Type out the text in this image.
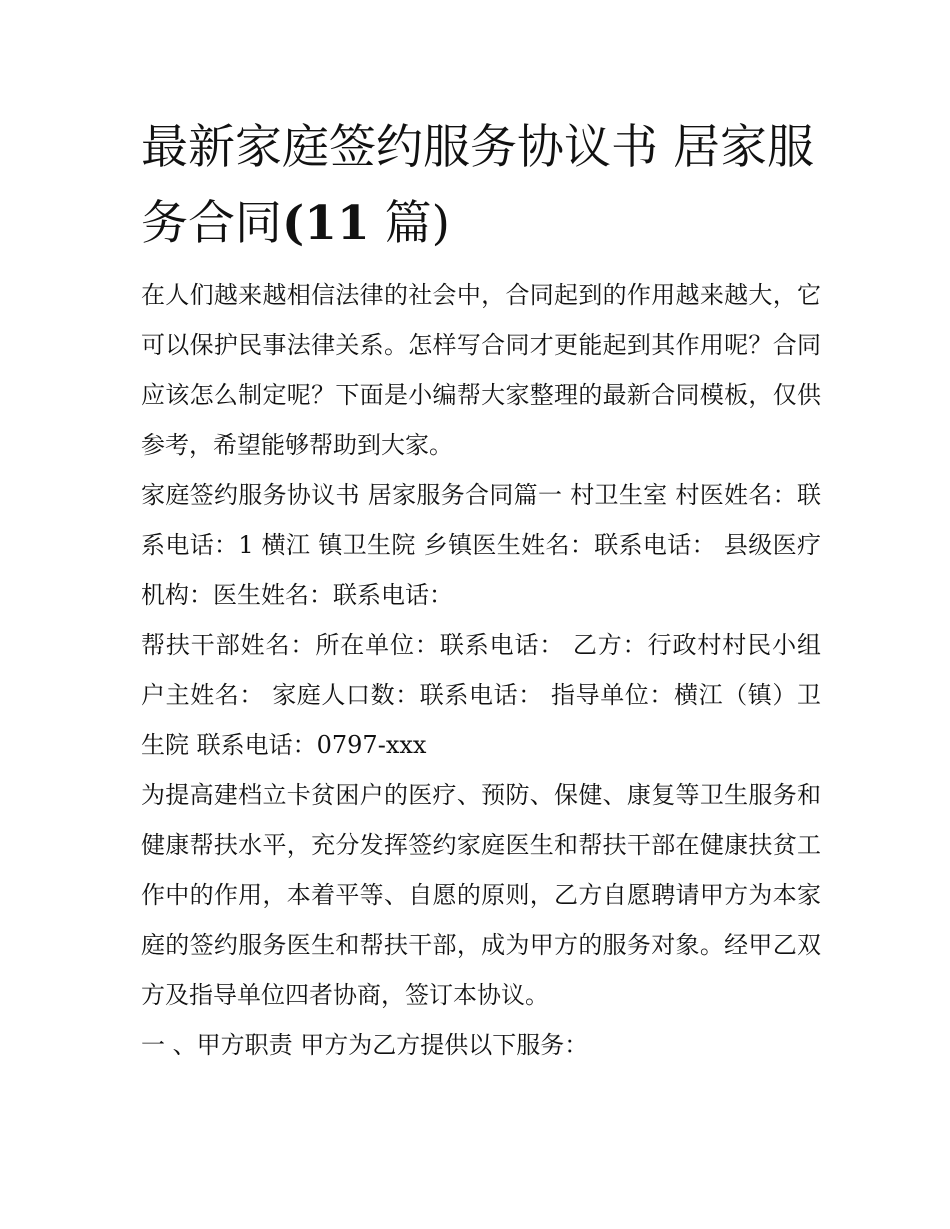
最新家庭签约服务协议书 居家服务合同(11 篇)

在人们越来越相信法律的社会中，合同起到的作用越来越大，它可以保护民事法律关系。怎样写合同才更能起到其作用呢？合同应该怎么制定呢？下面是小编帮大家整理的最新合同模板，仅供参考，希望能够帮助到大家。

家庭签约服务协议书 居家服务合同篇一 村卫生室 村医姓名：联系电话：1 横江 镇卫生院 乡镇医生姓名：联系电话： 县级医疗机构：医生姓名：联系电话：

帮扶干部姓名：所在单位：联系电话： 乙方：行政村村民小组 户主姓名： 家庭人口数：联系电话： 指导单位：横江（镇）卫生院 联系电话：0797-xxx

为提高建档立卡贫困户的医疗、预防、保健、康复等卫生服务和健康帮扶水平，充分发挥签约家庭医生和帮扶干部在健康扶贫工作中的作用，本着平等、自愿的原则，乙方自愿聘请甲方为本家庭的签约服务医生和帮扶干部，成为甲方的服务对象。经甲乙双方及指导单位四者协商，签订本协议。

一 、甲方职责 甲方为乙方提供以下服务：
